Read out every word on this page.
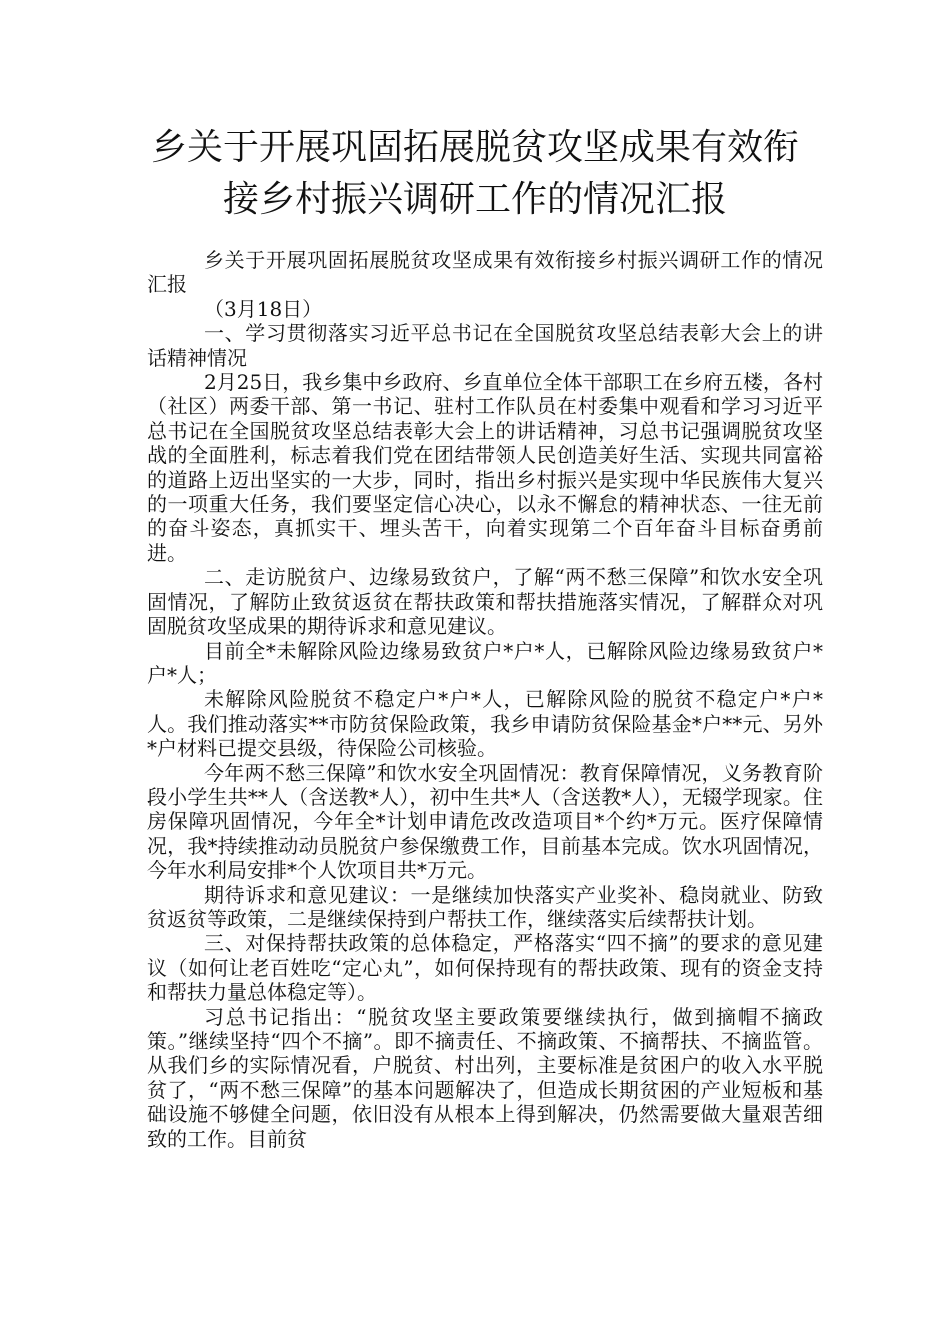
乡关于开展巩固拓展脱贫攻坚成果有效衔
接乡村振兴调研工作的情况汇报

乡关于开展巩固拓展脱贫攻坚成果有效衔接乡村振兴调研工作的情况汇报

（3月18日）

一、学习贯彻落实习近平总书记在全国脱贫攻坚总结表彰大会上的讲话精神情况

2月25日，我乡集中乡政府、乡直单位全体干部职工在乡府五楼，各村（社区）两委干部、第一书记、驻村工作队员在村委集中观看和学习习近平总书记在全国脱贫攻坚总结表彰大会上的讲话精神，习总书记强调脱贫攻坚战的全面胜利，标志着我们党在团结带领人民创造美好生活、实现共同富裕的道路上迈出坚实的一大步，同时，指出乡村振兴是实现中华民族伟大复兴的一项重大任务，我们要坚定信心决心，以永不懈怠的精神状态、一往无前的奋斗姿态，真抓实干、埋头苦干，向着实现第二个百年奋斗目标奋勇前进。

二、走访脱贫户、边缘易致贫户，了解“两不愁三保障”和饮水安全巩固情况，了解防止致贫返贫在帮扶政策和帮扶措施落实情况，了解群众对巩固脱贫攻坚成果的期待诉求和意见建议。

目前全*未解除风险边缘易致贫户*户*人，已解除风险边缘易致贫户*户*人；

未解除风险脱贫不稳定户*户*人，已解除风险的脱贫不稳定户*户*人。我们推动落实**市防贫保险政策，我乡申请防贫保险基金*户**元、另外*户材料已提交县级，待保险公司核验。

今年两不愁三保障”和饮水安全巩固情况：教育保障情况，义务教育阶段小学生共**人（含送教*人），初中生共*人（含送教*人），无辍学现家。住房保障巩固情况，今年全*计划申请危改改造项目*个约*万元。医疗保障情况，我*持续推动动员脱贫户参保缴费工作，目前基本完成。饮水巩固情况，今年水利局安排*个人饮项目共*万元。

期待诉求和意见建议：一是继续加快落实产业奖补、稳岗就业、防致贫返贫等政策，二是继续保持到户帮扶工作，继续落实后续帮扶计划。

三、对保持帮扶政策的总体稳定，严格落实“四不摘”的要求的意见建议（如何让老百姓吃“定心丸”，如何保持现有的帮扶政策、现有的资金支持和帮扶力量总体稳定等）。

习总书记指出：“脱贫攻坚主要政策要继续执行，做到摘帽不摘政策。”继续坚持“四个不摘”。即不摘责任、不摘政策、不摘帮扶、不摘监管。从我们乡的实际情况看，户脱贫、村出列，主要标准是贫困户的收入水平脱贫了，“两不愁三保障”的基本问题解决了，但造成长期贫困的产业短板和基础设施不够健全问题，依旧没有从根本上得到解决，仍然需要做大量艰苦细致的工作。目前贫
